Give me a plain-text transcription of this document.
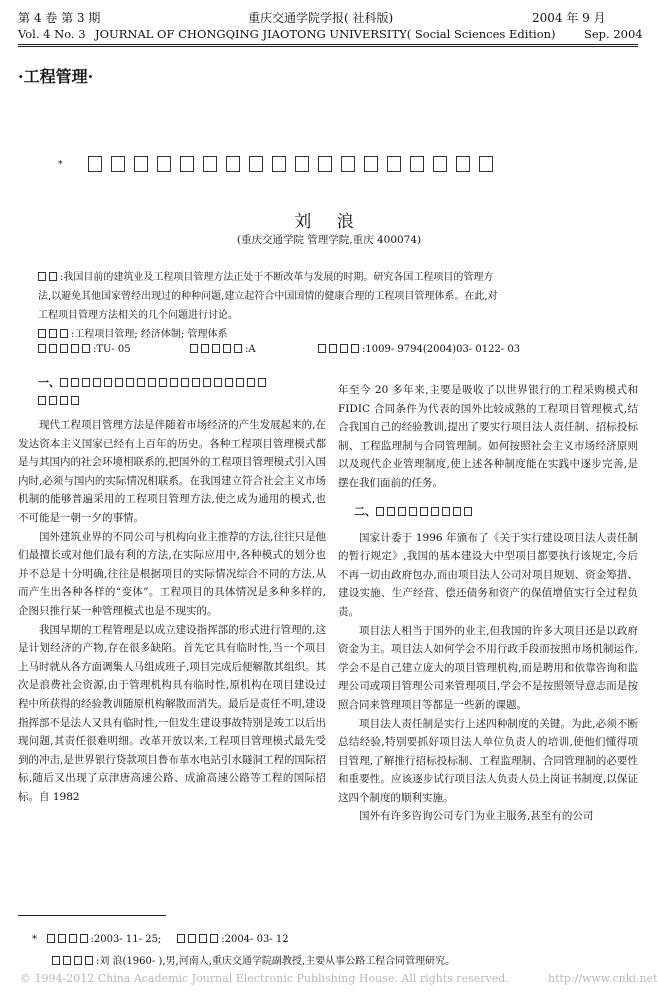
第 4 卷 第 3 期	重庆交通学院学报( 社科版)	2004 年 9 月
Vol. 4 No. 3 JOURNAL OF CHONGQING JIAOTONG UNIVERSITY( Social Sciences Edition) Sep. 2004
·工程管理·
*
刘 浪
(重庆交通学院 管理学院,重庆 400074)
:我国目前的建筑业及工程项目管理方法正处于不断改革与发展的时期。研究各国工程项目的管理方
法,以避免其他国家曾经出现过的种种问题,建立起符合中国国情的健康合理的工程项目管理体系。在此,对
工程项目管理方法相关的几个问题进行讨论。
:工程项目管理; 经济体制; 管理体系
:TU- 05	:A	:1009- 9794(2004)03- 0122- 03
一、

现代工程项目管理方法是伴随着市场经济的产生发展起来的,在发达资本主义国家已经有上百年的历史。各种工程项目管理模式都是与其国内的社会环境相联系的,把国外的工程项目管理模式引入国内时,必须与国内的实际情况相联系。在我国建立符合社会主义市场机制的能够普遍采用的工程项目管理方法,使之成为通用的模式,也不可能是一朝一夕的事情。

国外建筑业界的不同公司与机构向业主推荐的方法,往往只是他们最擅长或对他们最有利的方法,在实际应用中,各种模式的划分也并不总是十分明确,往往是根据项目的实际情况综合不同的方法,从而产生出各种各样的“变体”。工程项目的具体情况是多种多样的,企图只推行某一种管理模式也是不现实的。

我国早期的工程管理是以成立建设指挥部的形式进行管理的,这是计划经济的产物,存在很多缺陷。首先它具有临时性,当一个项目上马时就从各方面调集人马组成班子,项目完成后便解散其组织。其次是浪费社会资源,由于管理机构具有临时性,原机构在项目建设过程中所获得的经验教训随原机构解散而消失。最后是责任不明,建设指挥部不是法人又具有临时性,一但发生建设事故特别是竣工以后出现问题,其责任很难明细。改革开放以来,工程项目管理模式最先受到的冲击,是世界银行贷款项目鲁布革水电站引水隧洞工程的国际招标,随后又出现了京津唐高速公路、成渝高速公路等工程的国际招标。自 1982

年至今 20 多年来,主要是吸收了以世界银行的工程采购模式和 FIDIC 合同条件为代表的国外比较成熟的工程项目管理模式,结合我国自己的经验教训,提出了要实行项目法人责任制、招标投标制、工程监理制与合同管理制。如何按照社会主义市场经济原则以及现代企业管理制度,使上述各种制度能在实践中逐步完善,是摆在我们面前的任务。

二、

国家计委于 1996 年颁布了《关于实行建设项目法人责任制的暂行规定》,我国的基本建设大中型项目都要执行该规定,今后不再一切由政府包办,而由项目法人公司对项目规划、资金筹措、建设实施、生产经营、偿还债务和资产的保值增值实行全过程负责。

项目法人相当于国外的业主,但我国的许多大项目还是以政府资金为主。项目法人如何学会不用行政手段而按照市场机制运作,学会不是自己建立庞大的项目管理机构,而是聘用和依靠咨询和监理公司或项目管理公司来管理项目,学会不是按照领导意志而是按照合同来管理项目等都是一些新的课题。

项目法人责任制是实行上述四种制度的关键。为此,必须不断总结经验,特别要抓好项目法人单位负责人的培训,使他们懂得项目管理,了解推行招标投标制、工程监理制、合同管理制的必要性和重要性。应该逐步试行项目法人负责人员上岗证书制度,以保证这四个制度的顺利实施。

国外有许多咨询公司专门为业主服务,甚至有的公司

*	:2003- 11- 25;	:2004- 03- 12
:刘 浪(1960- ),男,河南人,重庆交通学院副教授,主要从事公路工程合同管理研究。
© 1994-2012 China Academic Journal Electronic Publishing House. All rights reserved.	http://www.cnki.net
